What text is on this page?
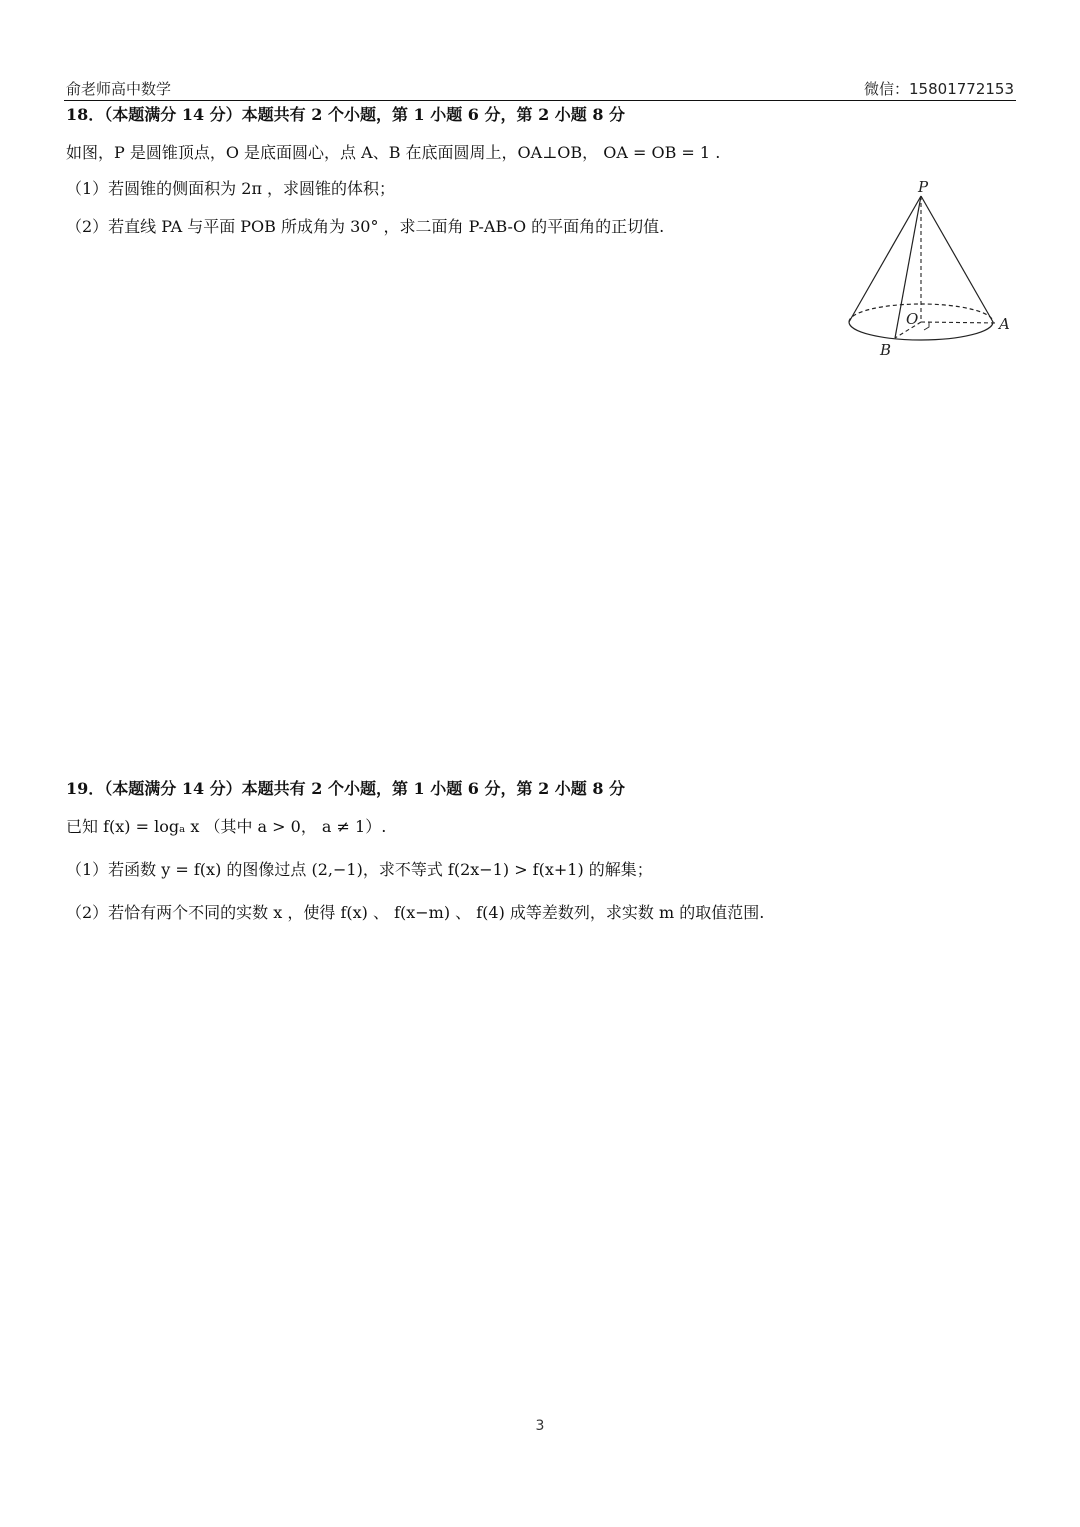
俞老师高中数学	微信：15801772153
18．（本题满分 14 分）本题共有 2 个小题，第 1 小题 6 分，第 2 小题 8 分
如图，P 是圆锥顶点，O 是底面圆心，点 A、B 在底面圆周上，OA⊥OB， OA = OB = 1 .
（1）若圆锥的侧面积为 2π ，求圆锥的体积；
（2）若直线 PA 与平面 POB 所成角为 30° ，求二面角 P-AB-O 的平面角的正切值.
P
O	A
B
19．（本题满分 14 分）本题共有 2 个小题，第 1 小题 6 分，第 2 小题 8 分
已知 f(x) = logₐ x （其中 a > 0， a ≠ 1）.
（1）若函数 y = f(x) 的图像过点 (2,−1)，求不等式 f(2x−1) > f(x+1) 的解集；
（2）若恰有两个不同的实数 x ，使得 f(x) 、 f(x−m) 、 f(4) 成等差数列，求实数 m 的取值范围.
3
